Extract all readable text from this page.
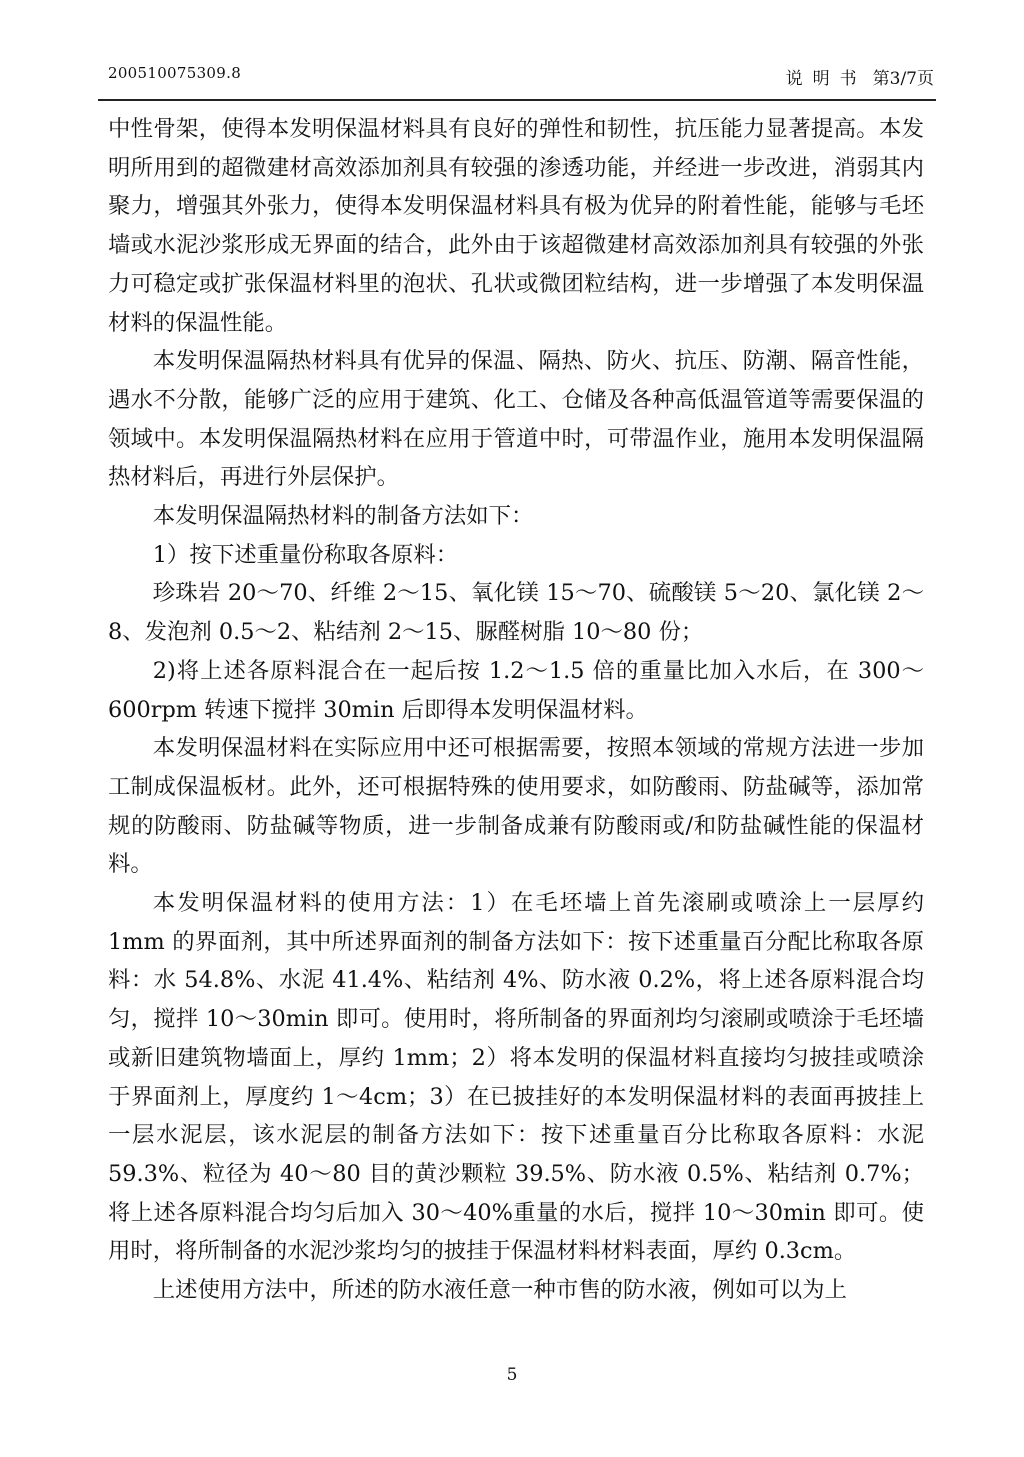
200510075309.8	说明书 第3/7页

中性骨架，使得本发明保温材料具有良好的弹性和韧性，抗压能力显著提高。本发明所用到的超微建材高效添加剂具有较强的渗透功能，并经进一步改进，消弱其内聚力，增强其外张力，使得本发明保温材料具有极为优异的附着性能，能够与毛坯墙或水泥沙浆形成无界面的结合，此外由于该超微建材高效添加剂具有较强的外张力可稳定或扩张保温材料里的泡状、孔状或微团粒结构，进一步增强了本发明保温材料的保温性能。

本发明保温隔热材料具有优异的保温、隔热、防火、抗压、防潮、隔音性能，遇水不分散，能够广泛的应用于建筑、化工、仓储及各种高低温管道等需要保温的领域中。本发明保温隔热材料在应用于管道中时，可带温作业，施用本发明保温隔热材料后，再进行外层保护。

本发明保温隔热材料的制备方法如下：

1）按下述重量份称取各原料：

珍珠岩 20～70、纤维 2～15、氧化镁 15～70、硫酸镁 5～20、氯化镁 2～8、发泡剂 0.5～2、粘结剂 2～15、脲醛树脂 10～80 份；

2)将上述各原料混合在一起后按 1.2～1.5 倍的重量比加入水后，在 300～600rpm 转速下搅拌 30min 后即得本发明保温材料。

本发明保温材料在实际应用中还可根据需要，按照本领域的常规方法进一步加工制成保温板材。此外，还可根据特殊的使用要求，如防酸雨、防盐碱等，添加常规的防酸雨、防盐碱等物质，进一步制备成兼有防酸雨或/和防盐碱性能的保温材料。

本发明保温材料的使用方法：1）在毛坯墙上首先滚刷或喷涂上一层厚约 1mm 的界面剂，其中所述界面剂的制备方法如下：按下述重量百分配比称取各原料：水 54.8%、水泥 41.4%、粘结剂 4%、防水液 0.2%，将上述各原料混合均匀，搅拌 10～30min 即可。使用时，将所制备的界面剂均匀滚刷或喷涂于毛坯墙或新旧建筑物墙面上，厚约 1mm；2）将本发明的保温材料直接均匀披挂或喷涂于界面剂上，厚度约 1～4cm；3）在已披挂好的本发明保温材料的表面再披挂上一层水泥层，该水泥层的制备方法如下：按下述重量百分比称取各原料：水泥 59.3%、粒径为 40～80 目的黄沙颗粒 39.5%、防水液 0.5%、粘结剂 0.7%；将上述各原料混合均匀后加入 30～40%重量的水后，搅拌 10～30min 即可。使用时，将所制备的水泥沙浆均匀的披挂于保温材料材料表面，厚约 0.3cm。

上述使用方法中，所述的防水液任意一种市售的防水液，例如可以为上

5
